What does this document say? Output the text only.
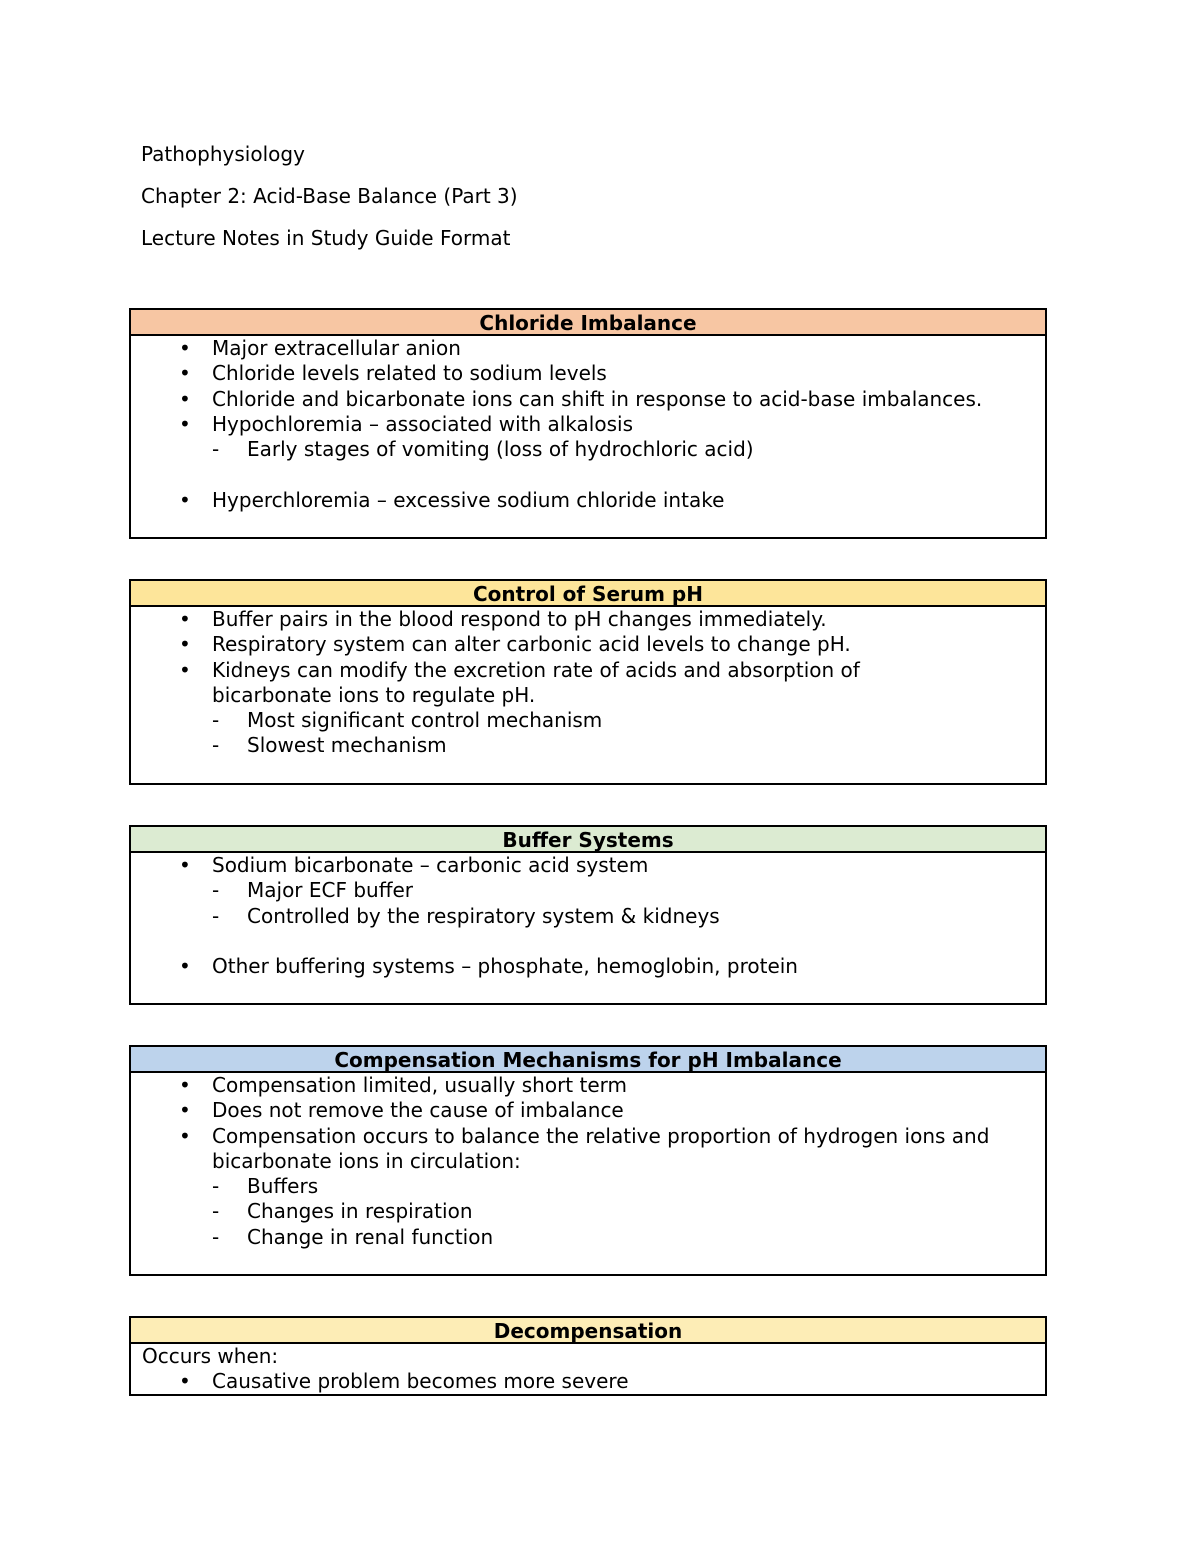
Pathophysiology

Chapter 2: Acid-Base Balance (Part 3)

Lecture Notes in Study Guide Format

Chloride Imbalance
• Major extracellular anion
• Chloride levels related to sodium levels
• Chloride and bicarbonate ions can shift in response to acid-base imbalances.
• Hypochloremia – associated with alkalosis
- Early stages of vomiting (loss of hydrochloric acid)
• Hyperchloremia – excessive sodium chloride intake
Control of Serum pH
• Buffer pairs in the blood respond to pH changes immediately.
• Respiratory system can alter carbonic acid levels to change pH.
• Kidneys can modify the excretion rate of acids and absorption of bicarbonate ions to regulate pH.
- Most significant control mechanism
- Slowest mechanism
Buffer Systems
• Sodium bicarbonate – carbonic acid system
- Major ECF buffer
- Controlled by the respiratory system & kidneys
• Other buffering systems – phosphate, hemoglobin, protein
Compensation Mechanisms for pH Imbalance
• Compensation limited, usually short term
• Does not remove the cause of imbalance
• Compensation occurs to balance the relative proportion of hydrogen ions and bicarbonate ions in circulation:
- Buffers
- Changes in respiration
- Change in renal function
Decompensation
Occurs when:
• Causative problem becomes more severe
